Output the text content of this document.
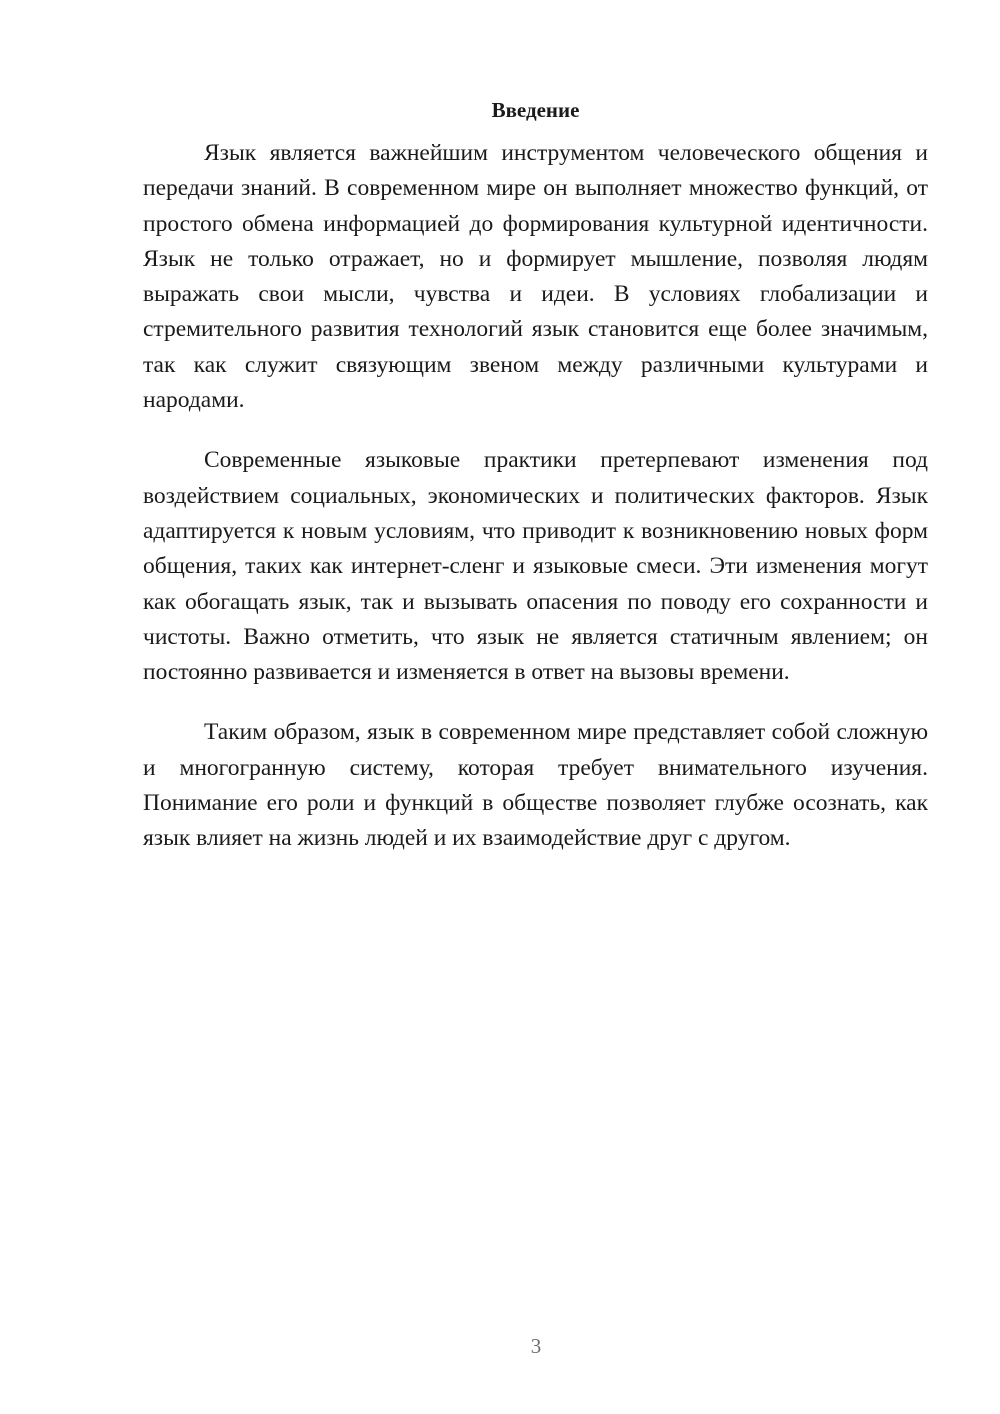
Введение

Язык является важнейшим инструментом человеческого общения и передачи знаний. В современном мире он выполняет множество функций, от простого обмена информацией до формирования культурной идентичности. Язык не только отражает, но и формирует мышление, позволяя людям выражать свои мысли, чувства и идеи. В условиях глобализации и стремительного развития технологий язык становится еще более значимым, так как служит связующим звеном между различными культурами и народами.

Современные языковые практики претерпевают изменения под воздействием социальных, экономических и политических факторов. Язык адаптируется к новым условиям, что приводит к возникновению новых форм общения, таких как интернет-сленг и языковые смеси. Эти изменения могут как обогащать язык, так и вызывать опасения по поводу его сохранности и чистоты. Важно отметить, что язык не является статичным явлением; он постоянно развивается и изменяется в ответ на вызовы времени.

Таким образом, язык в современном мире представляет собой сложную и многогранную систему, которая требует внимательного изучения. Понимание его роли и функций в обществе позволяет глубже осознать, как язык влияет на жизнь людей и их взаимодействие друг с другом.

3
